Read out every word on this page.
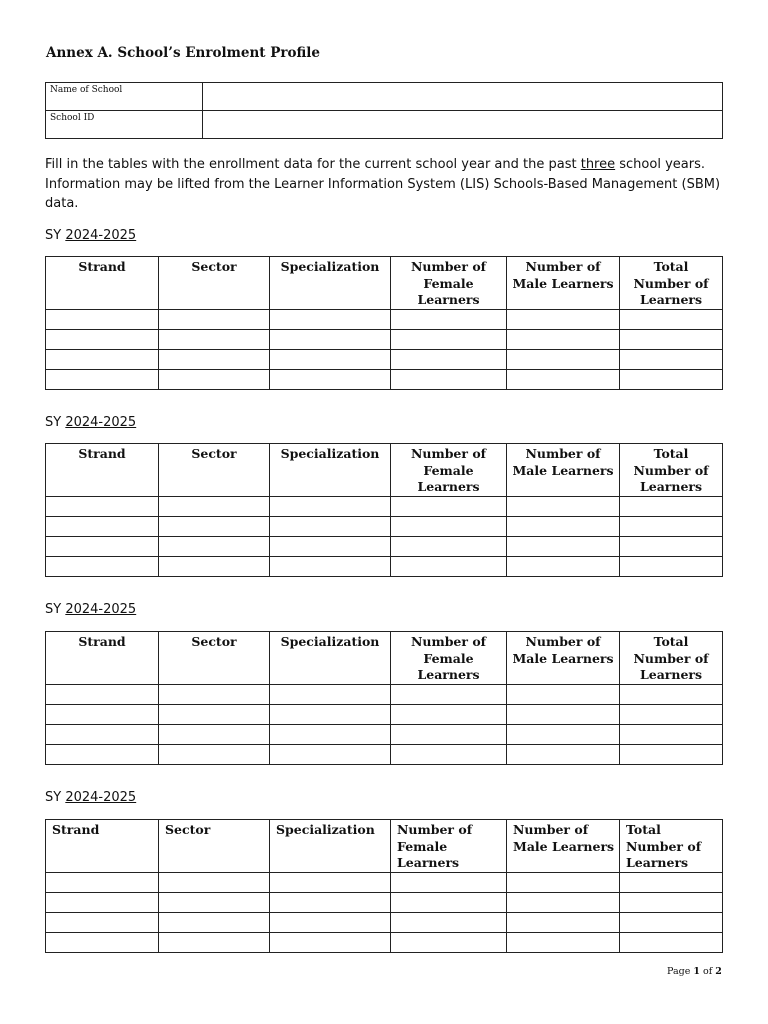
Annex A. School’s Enrolment Profile
Name of School	
School ID	
Fill in the tables with the enrollment data for the current school year and the past three school years. Information may be lifted from the Learner Information System (LIS) Schools-Based Management (SBM) data.
SY 2024-2025
Strand	Sector	Specialization	Number of Female Learners	Number of Male Learners	Total Number of Learners

SY 2024-2025
Strand	Sector	Specialization	Number of Female Learners	Number of Male Learners	Total Number of Learners

SY 2024-2025
Strand	Sector	Specialization	Number of Female Learners	Number of Male Learners	Total Number of Learners

SY 2024-2025
Strand	Sector	Specialization	Number of Female Learners	Number of Male Learners	Total Number of Learners

Page 1 of 2
